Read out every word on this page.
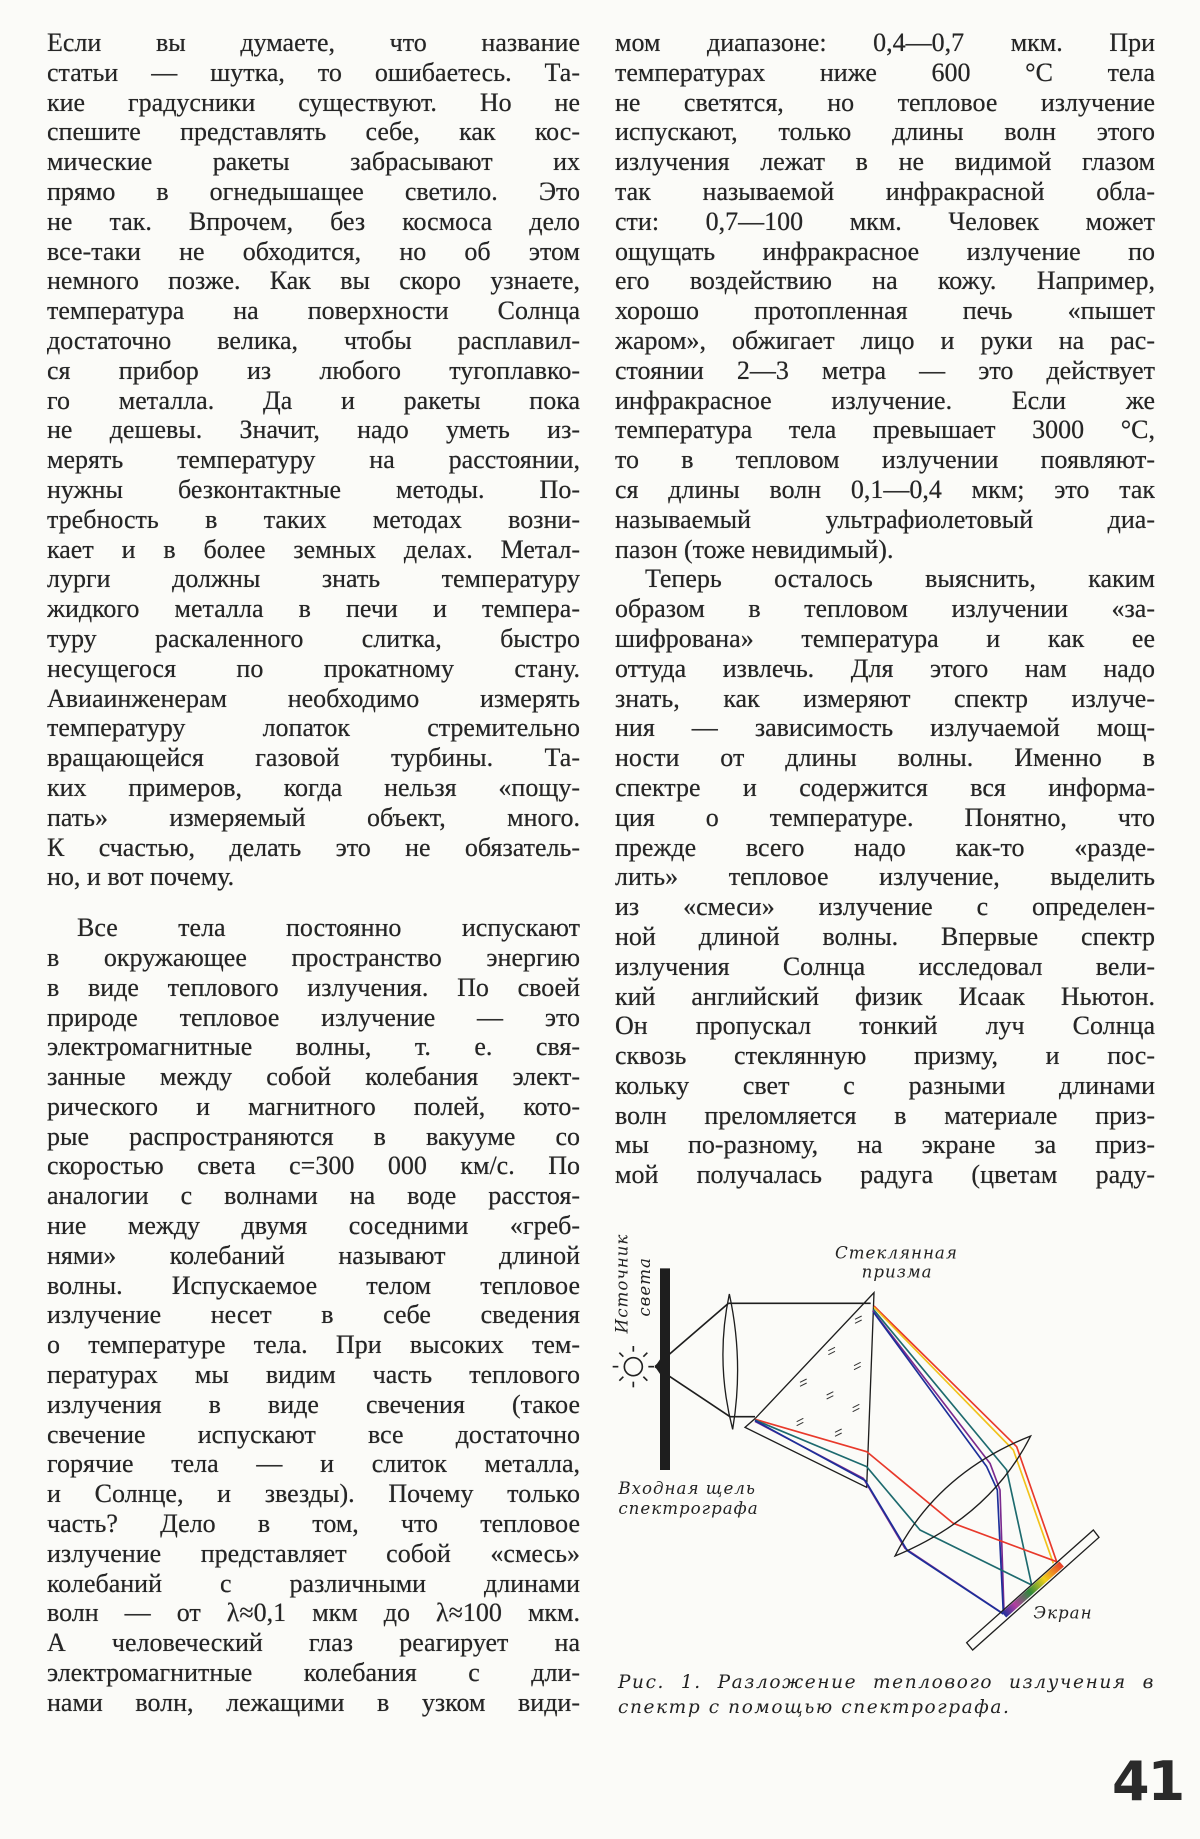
Если вы думаете, что название
статьи — шутка, то ошибаетесь. Та-
кие градусники существуют. Но не
спешите представлять себе, как кос-
мические ракеты забрасывают их
прямо в огнедышащее светило. Это
не так. Впрочем, без космоса дело
все-таки не обходится, но об этом
немного позже. Как вы скоро узнаете,
температура на поверхности Солнца
достаточно велика, чтобы расплавил-
ся прибор из любого тугоплавко-
го металла. Да и ракеты пока
не дешевы. Значит, надо уметь из-
мерять температуру на расстоянии,
нужны безконтактные методы. По-
требность в таких методах возни-
кает и в более земных делах. Метал-
лурги должны знать температуру
жидкого металла в печи и темпера-
туру раскаленного слитка, быстро
несущегося по прокатному стану.
Авиаинженерам необходимо измерять
температуру лопаток стремительно
вращающейся газовой турбины. Та-
ких примеров, когда нельзя «пощу-
пать» измеряемый объект, много.
К счастью, делать это не обязатель-
но, и вот почему.
Все тела постоянно испускают
в окружающее пространство энергию
в виде теплового излучения. По своей
природе тепловое излучение — это
электромагнитные волны, т. е. свя-
занные между собой колебания элект-
рического и магнитного полей, кото-
рые распространяются в вакууме со
скоростью света c=300 000 км/с. По
аналогии с волнами на воде расстоя-
ние между двумя соседними «греб-
нями» колебаний называют длиной
волны. Испускаемое телом тепловое
излучение несет в себе сведения
о температуре тела. При высоких тем-
пературах мы видим часть теплового
излучения в виде свечения (такое
свечение испускают все достаточно
горячие тела — и слиток металла,
и Солнце, и звезды). Почему только
часть? Дело в том, что тепловое
излучение представляет собой «смесь»
колебаний с различными длинами
волн — от λ≈0,1 мкм до λ≈100 мкм.
А человеческий глаз реагирует на
электромагнитные колебания с дли-
нами волн, лежащими в узком види-
мом диапазоне: 0,4—0,7 мкм. При
температурах ниже 600 °C тела
не светятся, но тепловое излучение
испускают, только длины волн этого
излучения лежат в не видимой глазом
так называемой инфракрасной обла-
сти: 0,7—100 мкм. Человек может
ощущать инфракрасное излучение по
его воздействию на кожу. Например,
хорошо протопленная печь «пышет
жаром», обжигает лицо и руки на рас-
стоянии 2—3 метра — это действует
инфракрасное излучение. Если же
температура тела превышает 3000 °C,
то в тепловом излучении появляют-
ся длины волн 0,1—0,4 мкм; это так
называемый ультрафиолетовый диа-
пазон (тоже невидимый).
Теперь осталось выяснить, каким
образом в тепловом излучении «за-
шифрована» температура и как ее
оттуда извлечь. Для этого нам надо
знать, как измеряют спектр излуче-
ния — зависимость излучаемой мощ-
ности от длины волны. Именно в
спектре и содержится вся информа-
ция о температуре. Понятно, что
прежде всего надо как-то «разде-
лить» тепловое излучение, выделить
из «смеси» излучение с определен-
ной длиной волны. Впервые спектр
излучения Солнца исследовал вели-
кий английский физик Исаак Ньютон.
Он пропускал тонкий луч Солнца
сквозь стеклянную призму, и пос-
кольку свет с разными длинами
волн преломляется в материале приз-
мы по-разному, на экране за приз-
мой получалась радуга (цветам раду-
Источник света
Стеклянная
призма
Входная щель
спектрографа
Экран
Рис. 1. Разложение теплового излучения в
спектр с помощью спектрографа.
41
